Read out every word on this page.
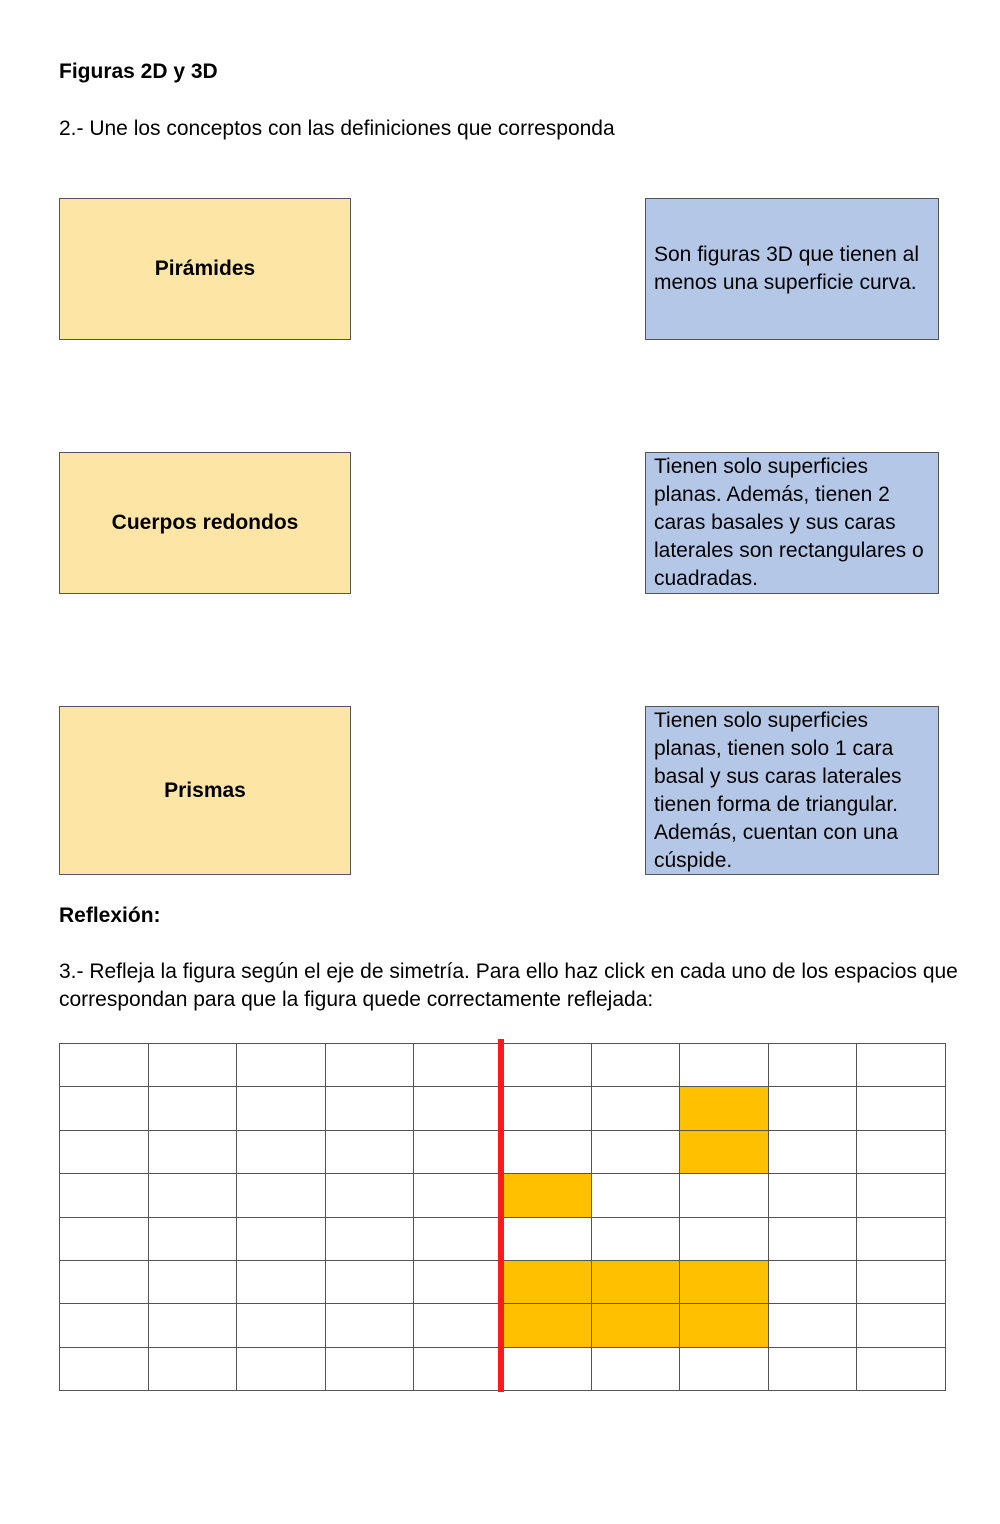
Figuras 2D y 3D
2.- Une los conceptos con las definiciones que corresponda
Pirámides
Cuerpos redondos
Prismas
Son figuras 3D que tienen al menos una superficie curva.
Tienen solo superficies planas. Además, tienen 2 caras basales y sus caras laterales son rectangulares o cuadradas.
Tienen solo superficies planas, tienen solo 1 cara basal y sus caras laterales tienen forma de triangular. Además, cuentan con una cúspide.
Reflexión:
3.- Refleja la figura según el eje de simetría. Para ello haz click en cada uno de los espacios que correspondan para que la figura quede correctamente reflejada:
